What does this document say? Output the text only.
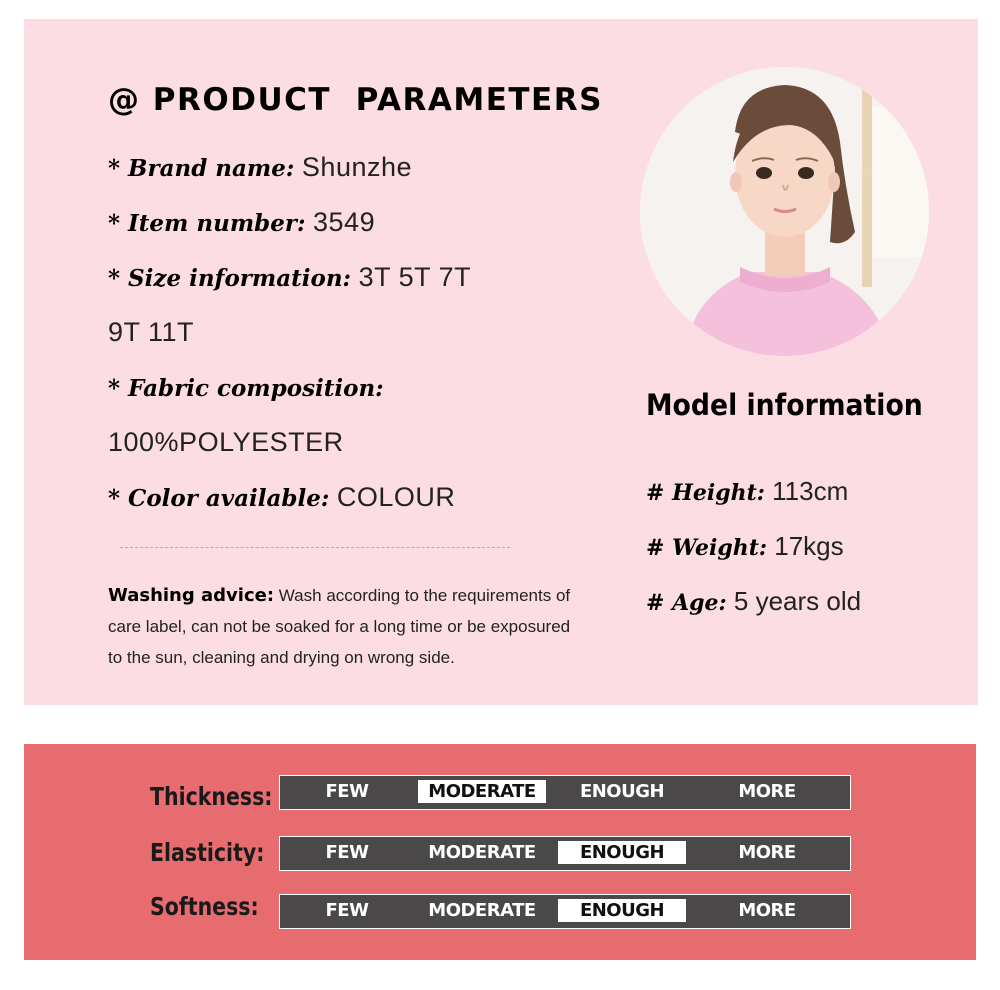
@ PRODUCT  PARAMETERS
* Brand name: Shunzhe
* Item number: 3549
* Size information: 3T 5T 7T
9T 11T
* Fabric composition:
100%POLYESTER
* Color available: COLOUR
Washing advice: Wash according to the requirements of care label, can not be soaked for a long time or be exposured to the sun, cleaning and drying on wrong side.
Model information
# Height: 113cm
# Weight: 17kgs
# Age: 5 years old
Thickness:	FEW	MODERATE	ENOUGH	MORE
Elasticity:	FEW	MODERATE	ENOUGH	MORE
Softness:	FEW	MODERATE	ENOUGH	MORE
